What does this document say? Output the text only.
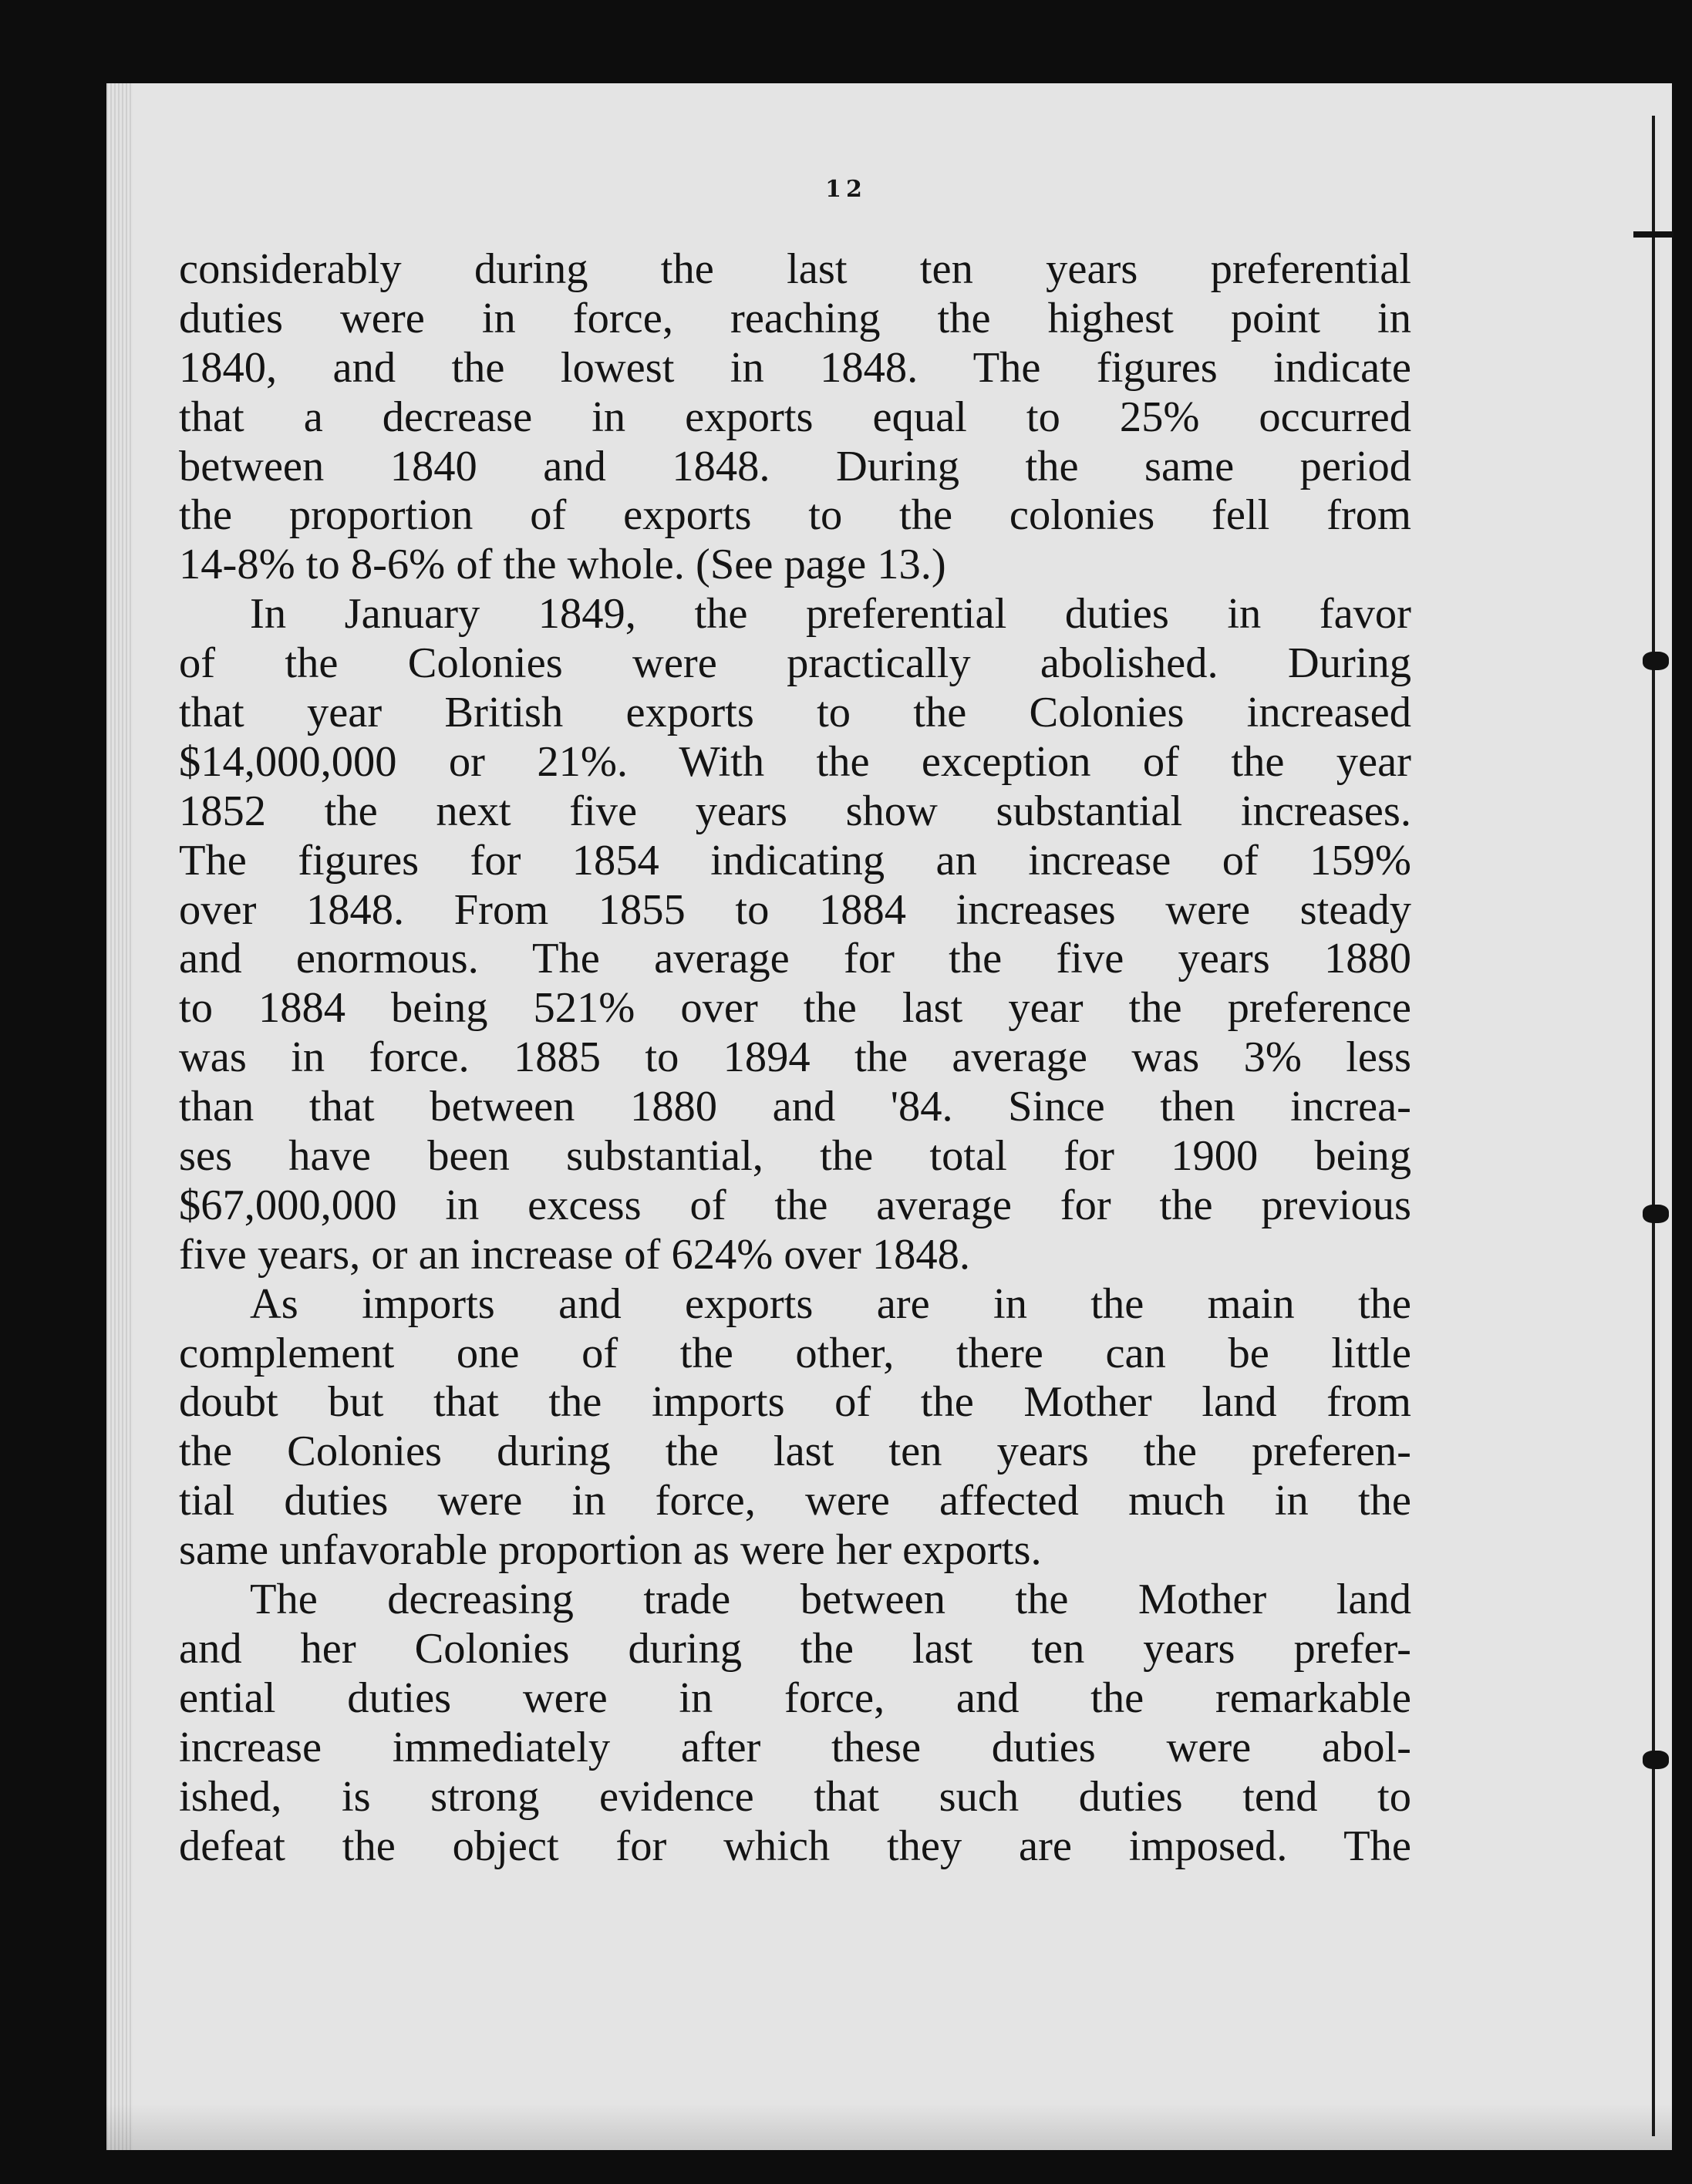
12
considerably during the last ten years preferential
duties were in force, reaching the highest point in
1840, and the lowest in 1848. The figures indicate
that a decrease in exports equal to 25% occurred
between 1840 and 1848. During the same period
the proportion of exports to the colonies fell from
14-8% to 8-6% of the whole. (See page 13.)
In January 1849, the preferential duties in favor
of the Colonies were practically abolished. During
that year British exports to the Colonies increased
$14,000,000 or 21%. With the exception of the year
1852 the next five years show substantial increases.
The figures for 1854 indicating an increase of 159%
over 1848. From 1855 to 1884 increases were steady
and enormous. The average for the five years 1880
to 1884 being 521% over the last year the preference
was in force. 1885 to 1894 the average was 3% less
than that between 1880 and '84. Since then increa-
ses have been substantial, the total for 1900 being
$67,000,000 in excess of the average for the previous
five years, or an increase of 624% over 1848.
As imports and exports are in the main the
complement one of the other, there can be little
doubt but that the imports of the Mother land from
the Colonies during the last ten years the preferen-
tial duties were in force, were affected much in the
same unfavorable proportion as were her exports.
The decreasing trade between the Mother land
and her Colonies during the last ten years prefer-
ential duties were in force, and the remarkable
increase immediately after these duties were abol-
ished, is strong evidence that such duties tend to
defeat the object for which they are imposed. The
